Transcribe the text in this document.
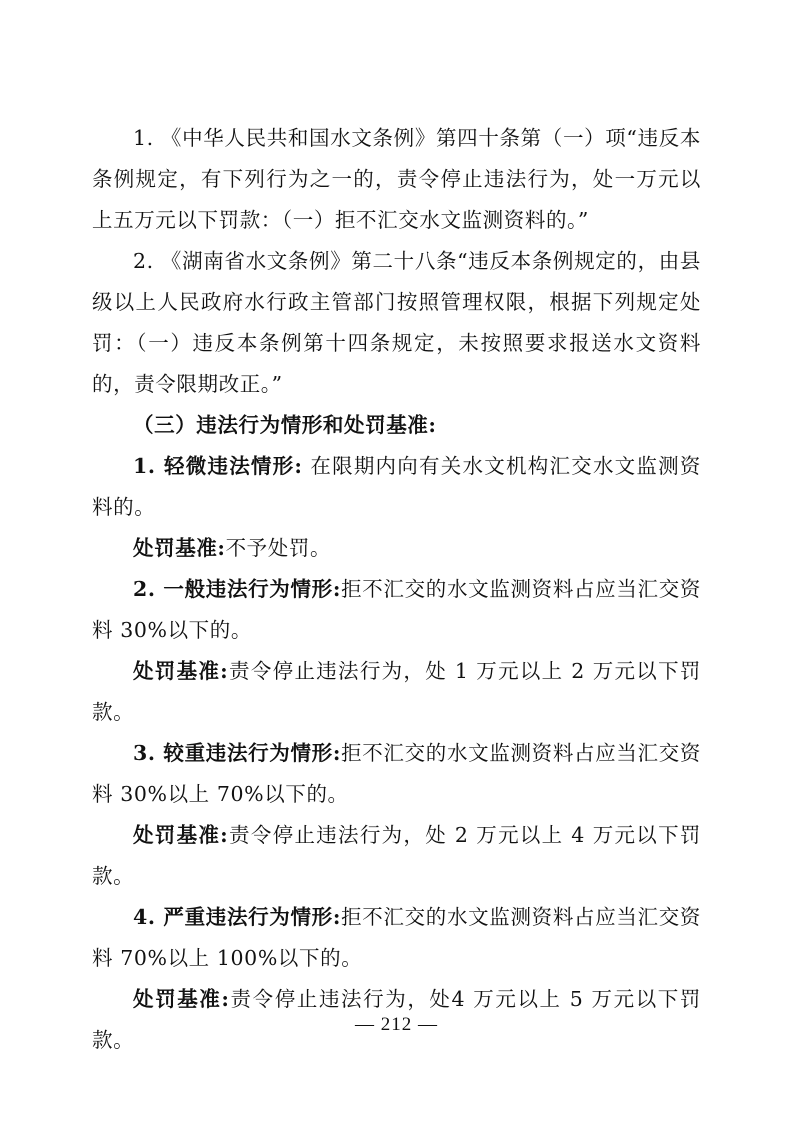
1. 《中华人民共和国水文条例》第四十条第（一）项“违反本条例规定，有下列行为之一的，责令停止违法行为，处一万元以上五万元以下罚款：（一）拒不汇交水文监测资料的。”

2. 《湖南省水文条例》第二十八条“违反本条例规定的，由县级以上人民政府水行政主管部门按照管理权限，根据下列规定处罚：（一）违反本条例第十四条规定，未按照要求报送水文资料的，责令限期改正。”

（三）违法行为情形和处罚基准:

1. 轻微违法情形: 在限期内向有关水文机构汇交水文监测资料的。

处罚基准:不予处罚。

2. 一般违法行为情形:拒不汇交的水文监测资料占应当汇交资料 30%以下的。

处罚基准:责令停止违法行为，处 1 万元以上 2 万元以下罚款。

3. 较重违法行为情形:拒不汇交的水文监测资料占应当汇交资料 30%以上 70%以下的。

处罚基准:责令停止违法行为，处 2 万元以上 4 万元以下罚款。

4. 严重违法行为情形:拒不汇交的水文监测资料占应当汇交资料 70%以上 100%以下的。

处罚基准:责令停止违法行为，处4 万元以上 5 万元以下罚款。

— 212 —
